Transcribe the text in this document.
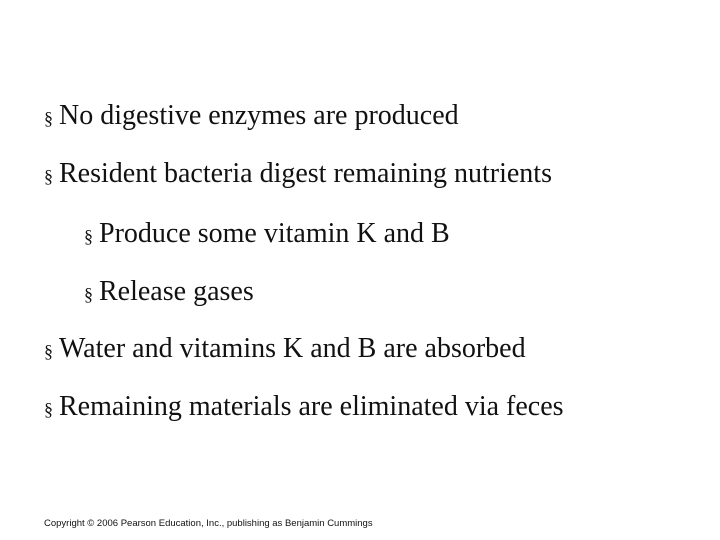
§ No digestive enzymes are produced
§ Resident bacteria digest remaining nutrients
§ Produce some vitamin K and B
§ Release gases
§ Water and vitamins K and B are absorbed
§ Remaining materials are eliminated via feces
Copyright © 2006 Pearson Education, Inc., publishing as Benjamin Cummings
